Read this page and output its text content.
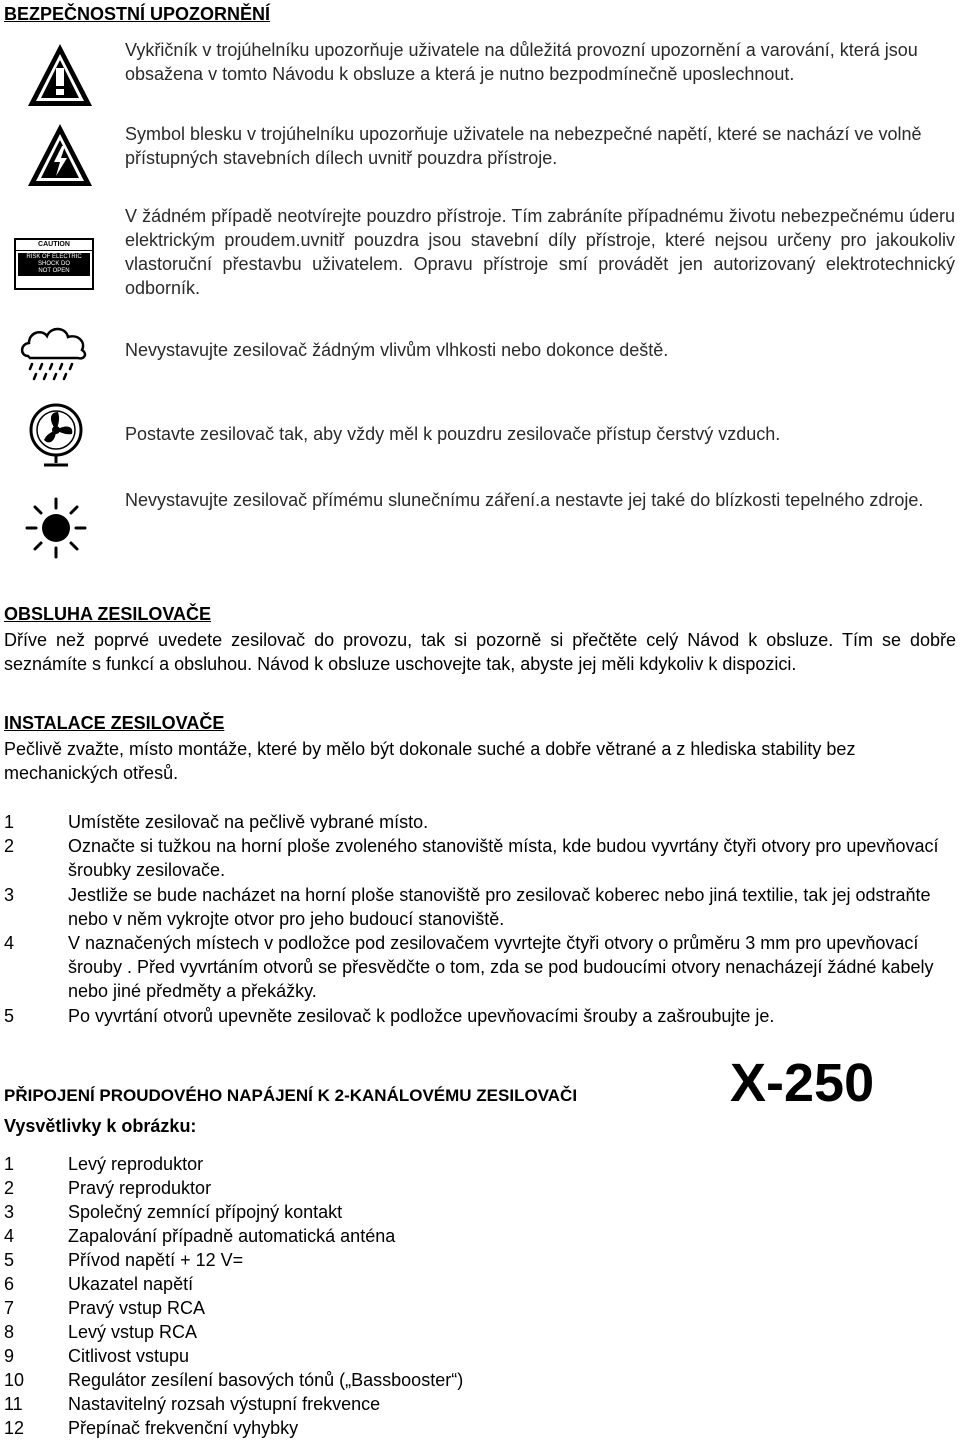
BEZPEČNOSTNÍ UPOZORNĚNÍ
Vykřičník v trojúhelníku upozorňuje uživatele na důležitá provozní upozornění a varování, která jsou obsažena v tomto Návodu k obsluze a která je nutno bezpodmínečně uposlechnout.
Symbol blesku v trojúhelníku upozorňuje uživatele na nebezpečné napětí, které se nachází ve volně přístupných stavebních dílech uvnitř pouzdra přístroje.
CAUTION
RISK OF ELECTRIC
SHOCK DO
NOT OPEN
V žádném případě neotvírejte pouzdro přístroje. Tím zabráníte případnému životu nebezpečnému úderu elektrickým proudem.uvnitř pouzdra jsou stavební díly přístroje, které nejsou určeny pro jakoukoliv vlastoruční přestavbu uživatelem. Opravu přístroje smí provádět jen autorizovaný elektrotechnický odborník.
Nevystavujte zesilovač žádným vlivům vlhkosti nebo dokonce deště.
Postavte zesilovač tak, aby vždy měl k pouzdru zesilovače přístup čerstvý vzduch.
Nevystavujte zesilovač přímému slunečnímu záření.a nestavte jej také do blízkosti tepelného zdroje.
OBSLUHA ZESILOVAČE
Dříve než poprvé uvedete zesilovač do provozu, tak si pozorně si přečtěte celý Návod k obsluze. Tím se dobře seznámíte s funkcí a obsluhou. Návod k obsluze uschovejte tak, abyste jej měli kdykoliv k dispozici.
INSTALACE ZESILOVAČE
Pečlivě zvažte, místo montáže, které by mělo být dokonale suché a dobře větrané a z hlediska stability bez mechanických otřesů.
1	Umístěte zesilovač na pečlivě vybrané místo.
2	Označte si tužkou na horní ploše zvoleného stanoviště místa, kde budou vyvrtány čtyři otvory pro upevňovací šroubky zesilovače.
3	Jestliže se bude nacházet na horní ploše stanoviště pro zesilovač koberec nebo jiná textilie, tak jej odstraňte nebo v něm vykrojte otvor pro jeho budoucí stanoviště.
4	V naznačených místech v podložce pod zesilovačem vyvrtejte čtyři otvory o průměru 3 mm pro upevňovací šrouby . Před vyvrtáním otvorů se přesvědčte o tom, zda se pod budoucími otvory nenacházejí žádné kabely nebo jiné předměty a překážky.
5	Po vyvrtání otvorů upevněte zesilovač k podložce upevňovacími šrouby a zašroubujte je.
PŘIPOJENÍ PROUDOVÉHO NAPÁJENÍ K 2-KANÁLOVÉMU ZESILOVAČI	X-250
Vysvětlivky k obrázku:
1	Levý reproduktor
2	Pravý reproduktor
3	Společný zemnící přípojný kontakt
4	Zapalování případně automatická anténa
5	Přívod napětí + 12 V=
6	Ukazatel napětí
7	Pravý vstup RCA
8	Levý vstup RCA
9	Citlivost vstupu
10 Regulátor zesílení basových tónů („Bassbooster“)
11	Nastavitelný rozsah výstupní frekvence
12 Přepínač frekvenční vyhybky
